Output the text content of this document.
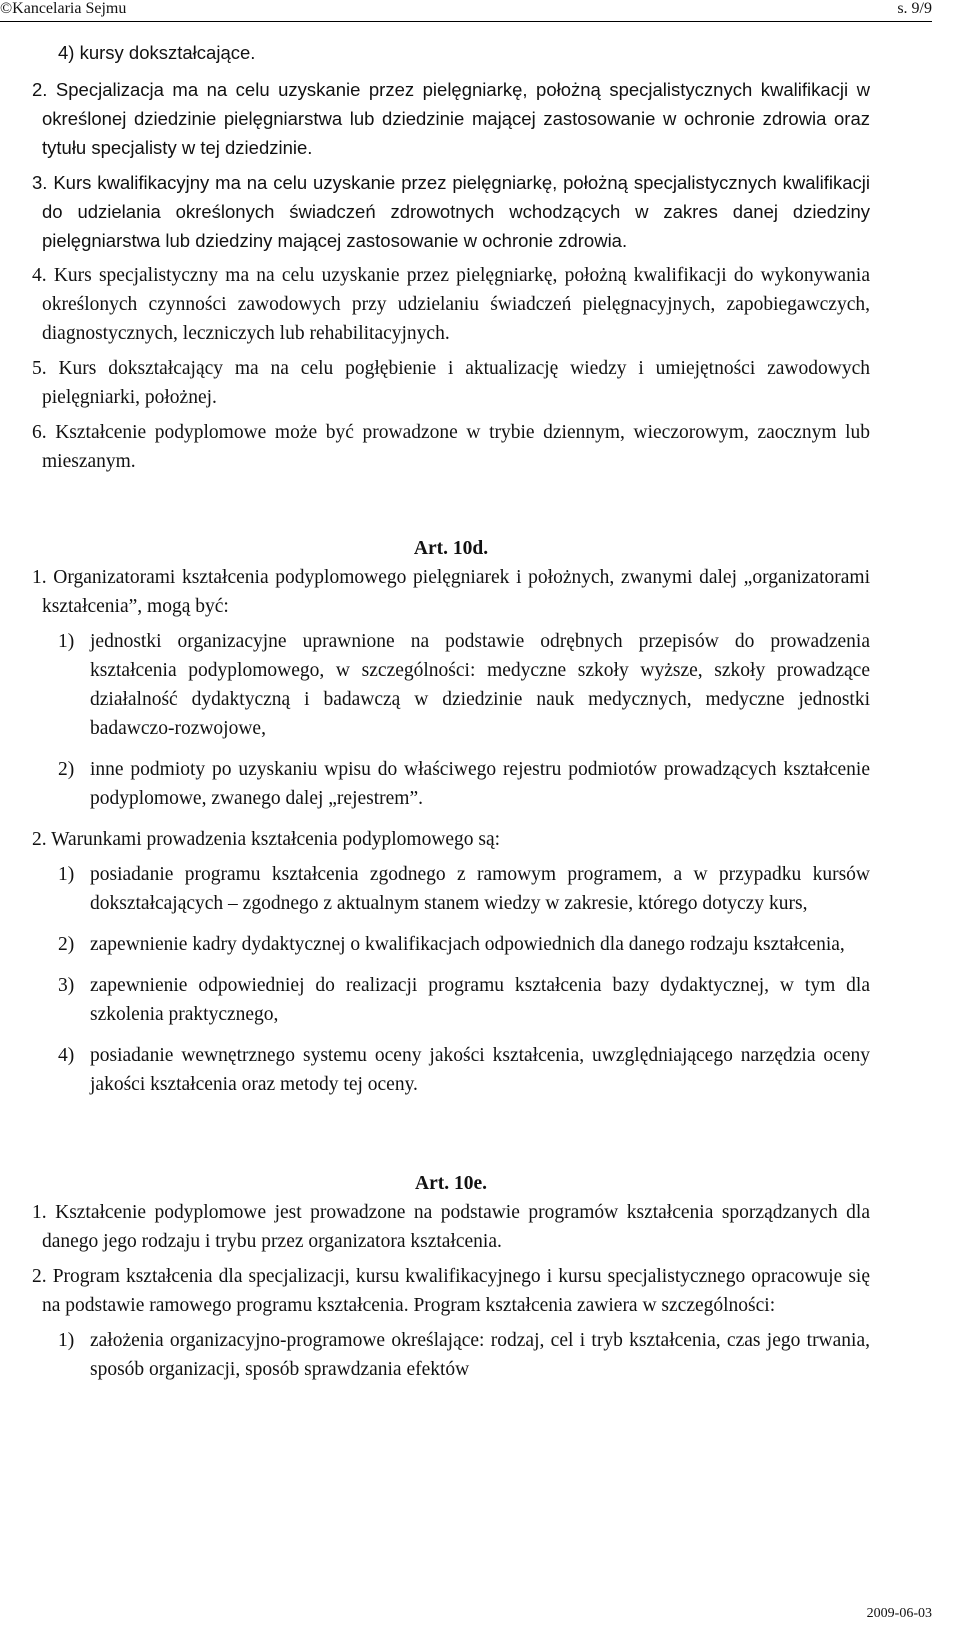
©Kancelaria Sejmu	s. 9/9

4) kursy dokształcające.

2. Specjalizacja ma na celu uzyskanie przez pielęgniarkę, położną specjalistycznych kwalifikacji w określonej dziedzinie pielęgniarstwa lub dziedzinie mającej zastosowanie w ochronie zdrowia oraz tytułu specjalisty w tej dziedzinie.

3. Kurs kwalifikacyjny ma na celu uzyskanie przez pielęgniarkę, położną specjalistycznych kwalifikacji do udzielania określonych świadczeń zdrowotnych wchodzących w zakres danej dziedziny pielęgniarstwa lub dziedziny mającej zastosowanie w ochronie zdrowia.

4. Kurs specjalistyczny ma na celu uzyskanie przez pielęgniarkę, położną kwalifikacji do wykonywania określonych czynności zawodowych przy udzielaniu świadczeń pielęgnacyjnych, zapobiegawczych, diagnostycznych, leczniczych lub rehabilitacyjnych.

5. Kurs dokształcający ma na celu pogłębienie i aktualizację wiedzy i umiejętności zawodowych pielęgniarki, położnej.

6. Kształcenie podyplomowe może być prowadzone w trybie dziennym, wieczorowym, zaocznym lub mieszanym.

Art. 10d.

1. Organizatorami kształcenia podyplomowego pielęgniarek i położnych, zwanymi dalej „organizatorami kształcenia”, mogą być:

1) jednostki organizacyjne uprawnione na podstawie odrębnych przepisów do prowadzenia kształcenia podyplomowego, w szczególności: medyczne szkoły wyższe, szkoły prowadzące działalność dydaktyczną i badawczą w dziedzinie nauk medycznych, medyczne jednostki badawczo-rozwojowe,
2) inne podmioty po uzyskaniu wpisu do właściwego rejestru podmiotów prowadzących kształcenie podyplomowe, zwanego dalej „rejestrem”.

2. Warunkami prowadzenia kształcenia podyplomowego są:

1) posiadanie programu kształcenia zgodnego z ramowym programem, a w przypadku kursów dokształcających – zgodnego z aktualnym stanem wiedzy w zakresie, którego dotyczy kurs,
2) zapewnienie kadry dydaktycznej o kwalifikacjach odpowiednich dla danego rodzaju kształcenia,
3) zapewnienie odpowiedniej do realizacji programu kształcenia bazy dydaktycznej, w tym dla szkolenia praktycznego,
4) posiadanie wewnętrznego systemu oceny jakości kształcenia, uwzględniającego narzędzia oceny jakości kształcenia oraz metody tej oceny.
Art. 10e.

1. Kształcenie podyplomowe jest prowadzone na podstawie programów kształcenia sporządzanych dla danego jego rodzaju i trybu przez organizatora kształcenia.

2. Program kształcenia dla specjalizacji, kursu kwalifikacyjnego i kursu specjalistycznego opracowuje się na podstawie ramowego programu kształcenia. Program kształcenia zawiera w szczególności:

1) założenia organizacyjno-programowe określające: rodzaj, cel i tryb kształcenia, czas jego trwania, sposób organizacji, sposób sprawdzania efektów
2009-06-03
